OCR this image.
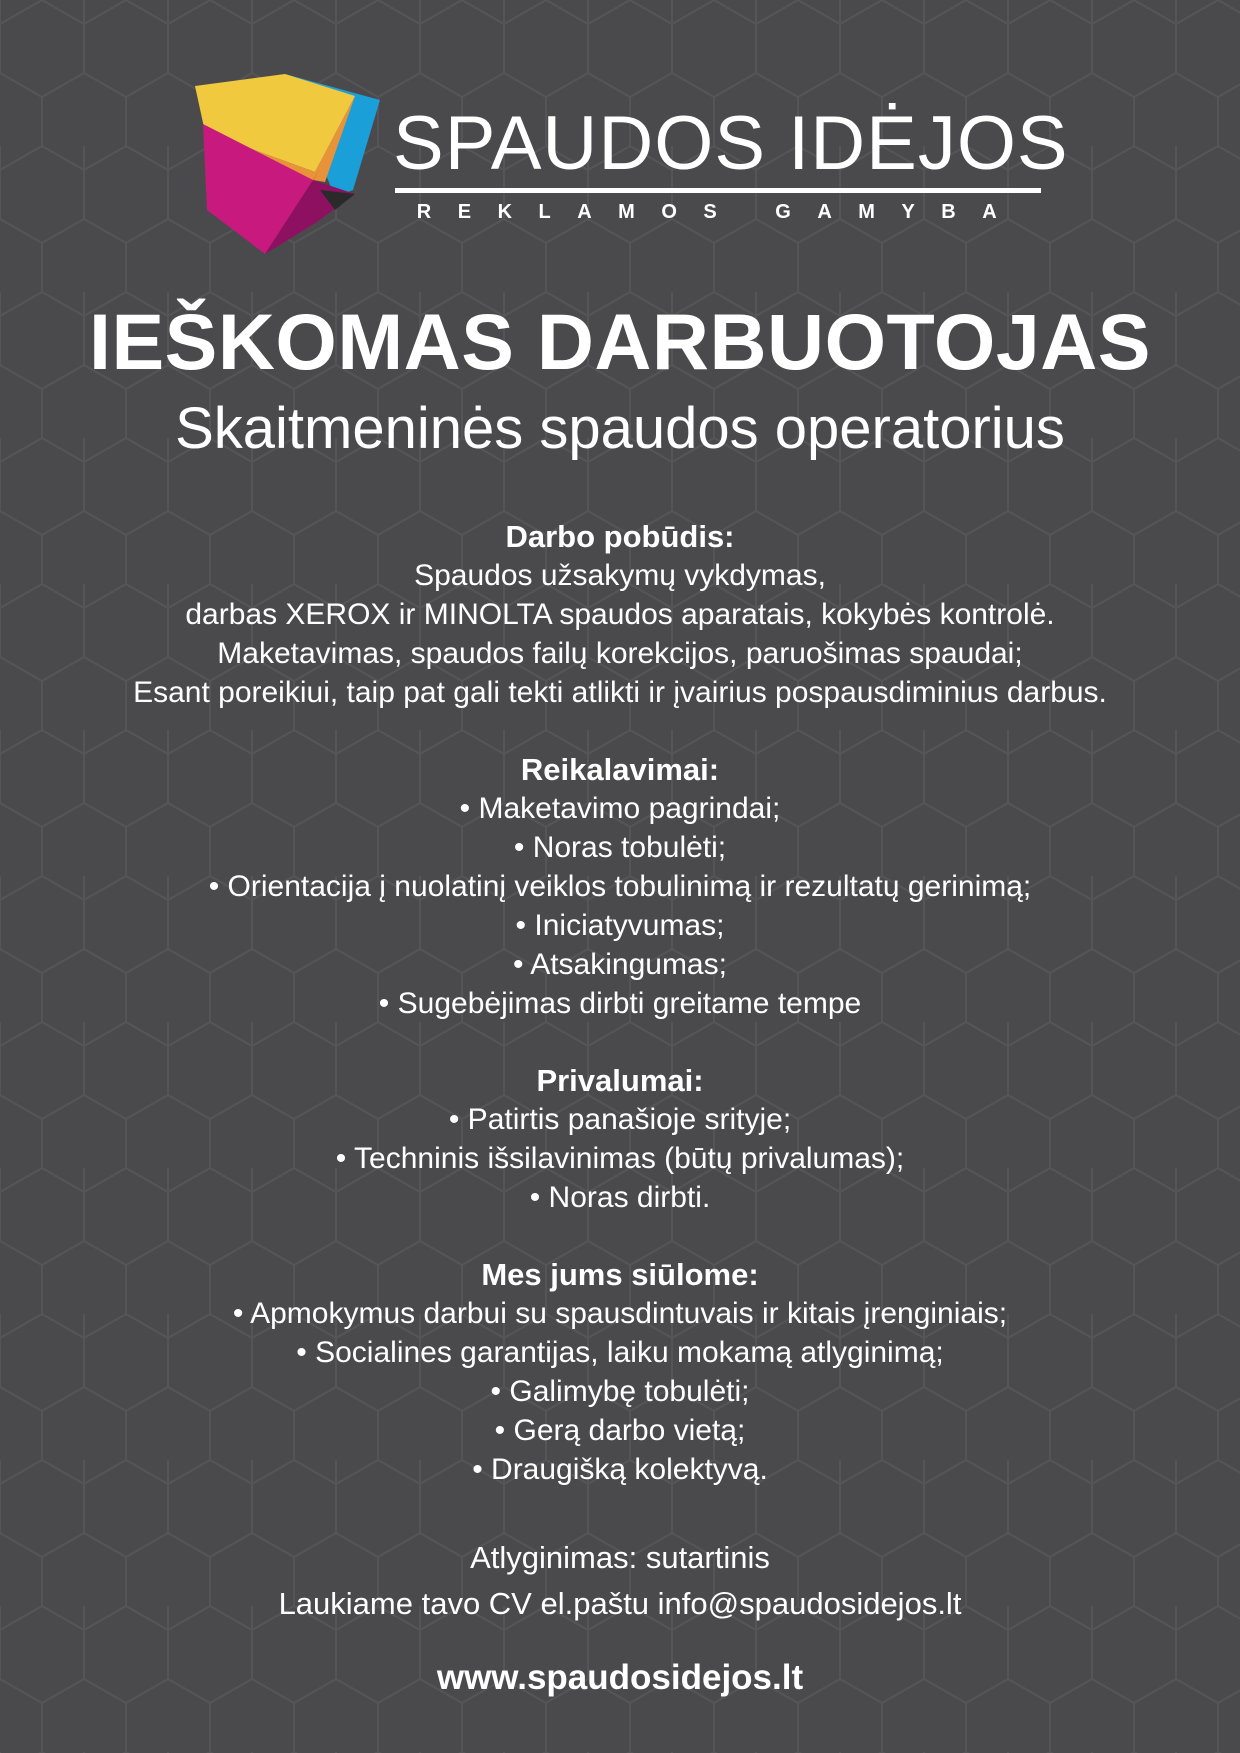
SPAUDOS IDĖJOS

REKLAMOS GAMYBA

IEŠKOMAS DARBUOTOJAS
Skaitmeninės spaudos operatorius

Darbo pobūdis:

Spaudos užsakymų vykdymas,

darbas XEROX ir MINOLTA spaudos aparatais, kokybės kontrolė.

Maketavimas, spaudos failų korekcijos, paruošimas spaudai;

Esant poreikiui, taip pat gali tekti atlikti ir įvairius pospausdiminius darbus.

Reikalavimai:

• Maketavimo pagrindai;

• Noras tobulėti;

• Orientacija į nuolatinį veiklos tobulinimą ir rezultatų gerinimą;

• Iniciatyvumas;

• Atsakingumas;

• Sugebėjimas dirbti greitame tempe

Privalumai:

• Patirtis panašioje srityje;

• Techninis išsilavinimas (būtų privalumas);

• Noras dirbti.

Mes jums siūlome:

• Apmokymus darbui su spausdintuvais ir kitais įrenginiais;

• Socialines garantijas, laiku mokamą atlyginimą;

• Galimybę tobulėti;

• Gerą darbo vietą;

• Draugišką kolektyvą.

Atlyginimas: sutartinis

Laukiame tavo CV el.paštu info@spaudosidejos.lt

www.spaudosidejos.lt
